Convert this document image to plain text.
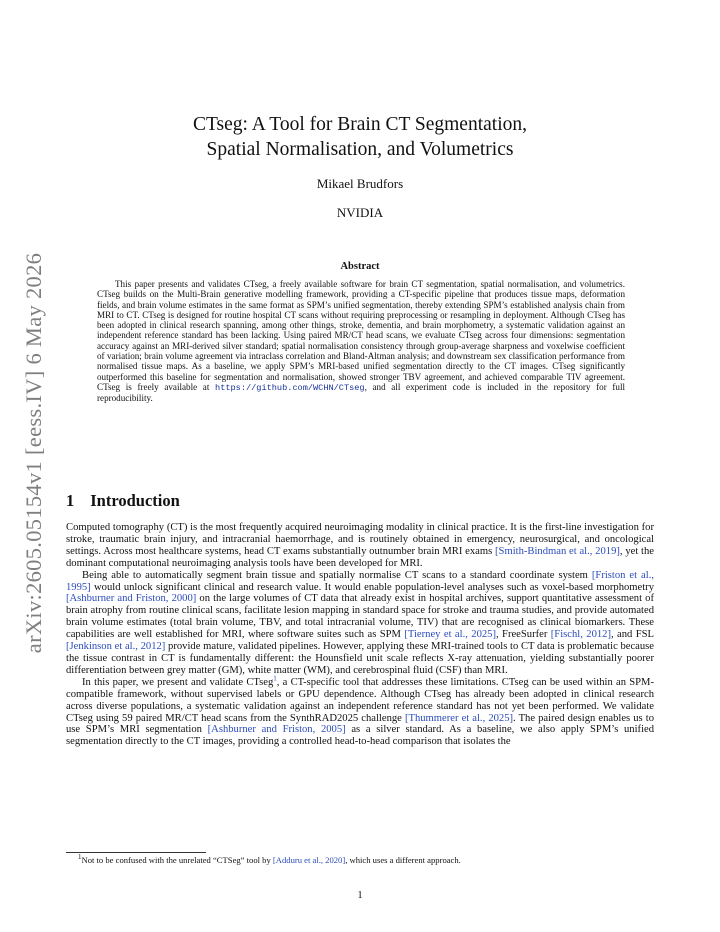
arXiv:2605.05154v1 [eess.IV] 6 May 2026
CTseg: A Tool for Brain CT Segmentation,
Spatial Normalisation, and Volumetrics
Mikael Brudfors
NVIDIA
Abstract

This paper presents and validates CTseg, a freely available software for brain CT segmentation, spatial normalisation, and volumetrics. CTseg builds on the Multi-Brain generative modelling framework, providing a CT-specific pipeline that produces tissue maps, deformation fields, and brain volume estimates in the same format as SPM’s unified segmentation, thereby extending SPM’s established analysis chain from MRI to CT. CTseg is designed for routine hospital CT scans without requiring preprocessing or resampling in deployment. Although CTseg has been adopted in clinical research spanning, among other things, stroke, dementia, and brain morphometry, a systematic validation against an independent reference standard has been lacking. Using paired MR/CT head scans, we evaluate CTseg across four dimensions: segmentation accuracy against an MRI-derived silver standard; spatial normalisation consistency through group-average sharpness and voxelwise coefficient of variation; brain volume agreement via intraclass correlation and Bland-Altman analysis; and downstream sex classification performance from normalised tissue maps. As a baseline, we apply SPM’s MRI-based unified segmentation directly to the CT images. CTseg significantly outperformed this baseline for segmentation and normalisation, showed stronger TBV agreement, and achieved comparable TIV agreement. CTseg is freely available at https://github.com/WCHN/CTseg, and all experiment code is included in the repository for full reproducibility.

1 Introduction

Computed tomography (CT) is the most frequently acquired neuroimaging modality in clinical practice. It is the first-line investigation for stroke, traumatic brain injury, and intracranial haemorrhage, and is routinely obtained in emergency, neurosurgical, and oncological settings. Across most healthcare systems, head CT exams substantially outnumber brain MRI exams [Smith-Bindman et al., 2019], yet the dominant computational neuroimaging analysis tools have been developed for MRI.

Being able to automatically segment brain tissue and spatially normalise CT scans to a standard coordinate system [Friston et al., 1995] would unlock significant clinical and research value. It would enable population-level analyses such as voxel-based morphometry [Ashburner and Friston, 2000] on the large volumes of CT data that already exist in hospital archives, support quantitative assessment of brain atrophy from routine clinical scans, facilitate lesion mapping in standard space for stroke and trauma studies, and provide automated brain volume estimates (total brain volume, TBV, and total intracranial volume, TIV) that are recognised as clinical biomarkers. These capabilities are well established for MRI, where software suites such as SPM [Tierney et al., 2025], FreeSurfer [Fischl, 2012], and FSL [Jenkinson et al., 2012] provide mature, validated pipelines. However, applying these MRI-trained tools to CT data is problematic because the tissue contrast in CT is fundamentally different: the Hounsfield unit scale reflects X-ray attenuation, yielding substantially poorer differentiation between grey matter (GM), white matter (WM), and cerebrospinal fluid (CSF) than MRI.

In this paper, we present and validate CTseg$^1$, a CT-specific tool that addresses these limitations. CTseg can be used within an SPM-compatible framework, without supervised labels or GPU dependence. Although CTseg has already been adopted in clinical research across diverse populations, a systematic validation against an independent reference standard has not yet been performed. We validate CTseg using 59 paired MR/CT head scans from the SynthRAD2025 challenge [Thummerer et al., 2025]. The paired design enables us to use SPM’s MRI segmentation [Ashburner and Friston, 2005] as a silver standard. As a baseline, we also apply SPM’s unified segmentation directly to the CT images, providing a controlled head-to-head comparison that isolates the

$^1$Not to be confused with the unrelated “CTSeg” tool by [Adduru et al., 2020], which uses a different approach.
1
